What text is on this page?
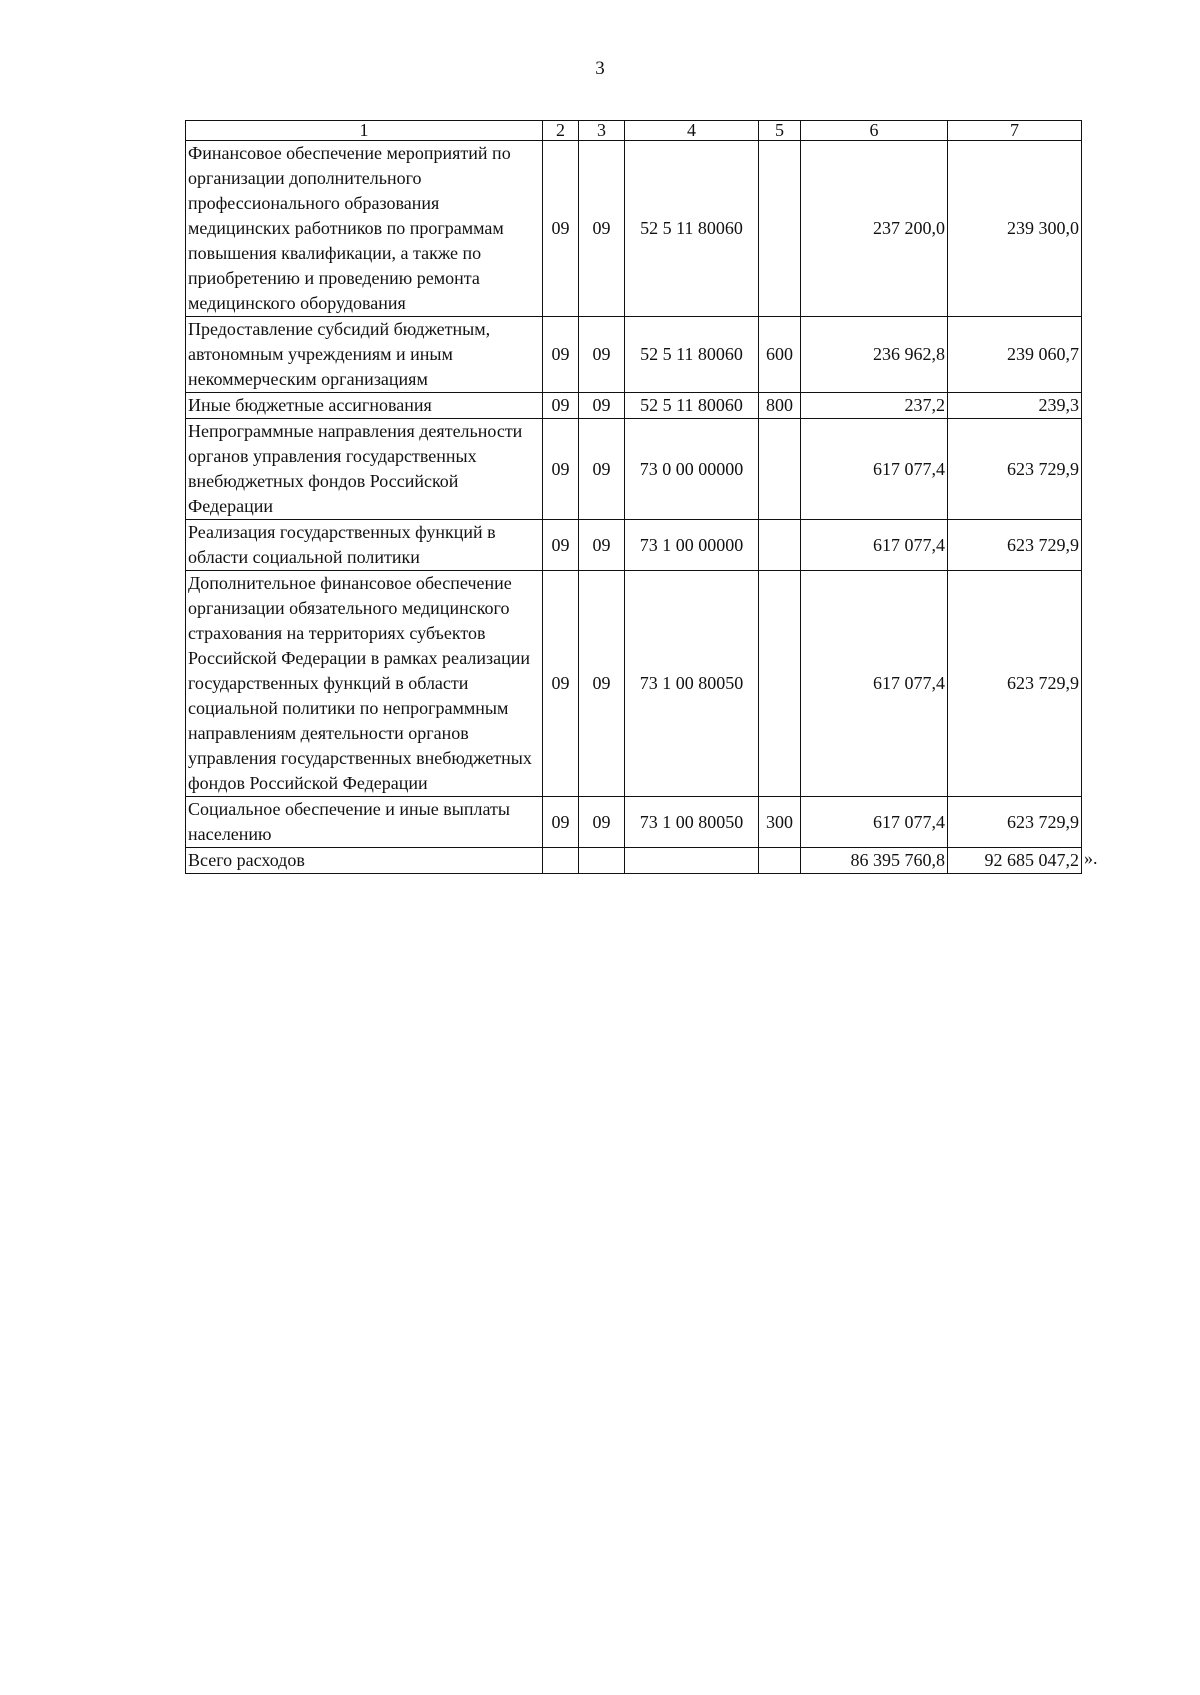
3
1	2	3	4	5	6	7
Финансовое обеспечение мероприятий по организации дополнительного профессионального образования медицинских работников по программам повышения квалификации, а также по приобретению и проведению ремонта медицинского оборудования	09	09	52 5 11 80060		237 200,0	239 300,0
Предоставление субсидий бюджетным, автономным учреждениям и иным некоммерческим организациям	09	09	52 5 11 80060	600	236 962,8	239 060,7
Иные бюджетные ассигнования	09	09	52 5 11 80060	800	237,2	239,3
Непрограммные направления деятельности органов управления государственных внебюджетных фондов Российской Федерации	09	09	73 0 00 00000		617 077,4	623 729,9
Реализация государственных функций в области социальной политики	09	09	73 1 00 00000		617 077,4	623 729,9
Дополнительное финансовое обеспечение организации обязательного медицинского страхования на территориях субъектов Российской Федерации в рамках реализации государственных функций в области социальной политики по непрограммным направлениям деятельности органов управления государственных внебюджетных фондов Российской Федерации	09	09	73 1 00 80050		617 077,4	623 729,9
Социальное обеспечение и иные выплаты населению	09	09	73 1 00 80050	300	617 077,4	623 729,9
Всего расходов					86 395 760,8	92 685 047,2 ».
